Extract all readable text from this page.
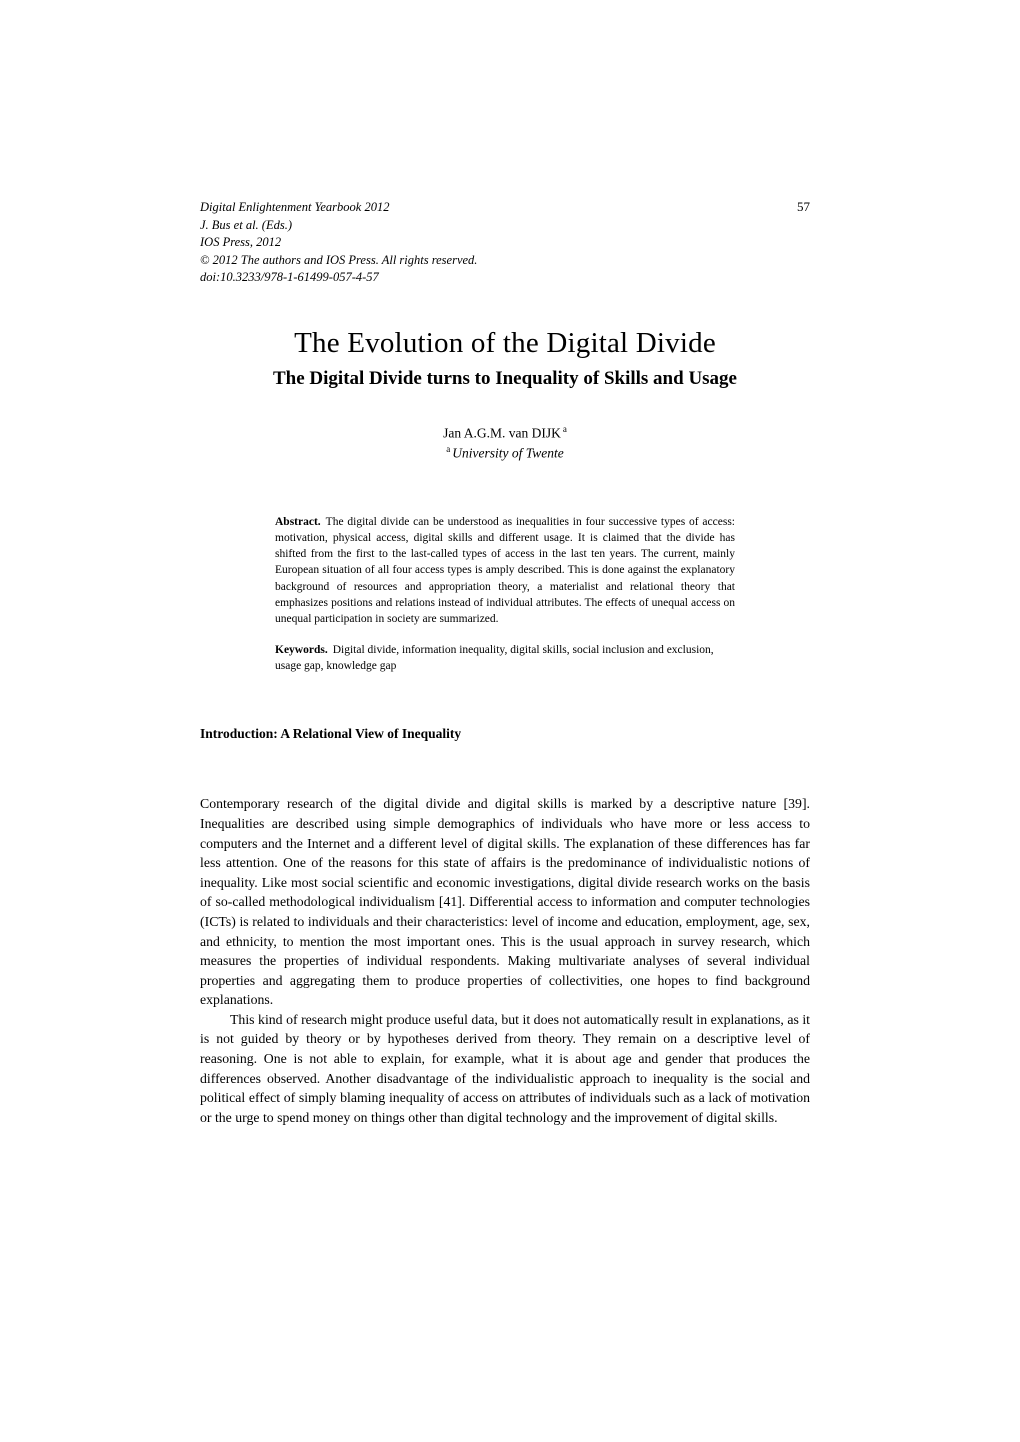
Digital Enlightenment Yearbook 2012	57
J. Bus et al. (Eds.)
IOS Press, 2012
© 2012 The authors and IOS Press. All rights reserved.
doi:10.3233/978-1-61499-057-4-57
The Evolution of the Digital Divide
The Digital Divide turns to Inequality of Skills and Usage
Jan A.G.M. van DIJK $^a$
$^a$ University of Twente
Abstract. The digital divide can be understood as inequalities in four successive types of access: motivation, physical access, digital skills and different usage. It is claimed that the divide has shifted from the first to the last-called types of access in the last ten years. The current, mainly European situation of all four access types is amply described. This is done against the explanatory background of resources and appropriation theory, a materialist and relational theory that emphasizes positions and relations instead of individual attributes. The effects of unequal access on unequal participation in society are summarized.
Keywords. Digital divide, information inequality, digital skills, social inclusion and exclusion, usage gap, knowledge gap
Introduction: A Relational View of Inequality

Contemporary research of the digital divide and digital skills is marked by a descriptive nature [39]. Inequalities are described using simple demographics of individuals who have more or less access to computers and the Internet and a different level of digital skills. The explanation of these differences has far less attention. One of the reasons for this state of affairs is the predominance of individualistic notions of inequality. Like most social scientific and economic investigations, digital divide research works on the basis of so-called methodological individualism [41]. Differential access to information and computer technologies (ICTs) is related to individuals and their characteristics: level of income and education, employment, age, sex, and ethnicity, to mention the most important ones. This is the usual approach in survey research, which measures the properties of individual respondents. Making multivariate analyses of several individual properties and aggregating them to produce properties of collectivities, one hopes to find background explanations.

This kind of research might produce useful data, but it does not automatically result in explanations, as it is not guided by theory or by hypotheses derived from theory. They remain on a descriptive level of reasoning. One is not able to explain, for example, what it is about age and gender that produces the differences observed. Another disadvantage of the individualistic approach to inequality is the social and political effect of simply blaming inequality of access on attributes of individuals such as a lack of motivation or the urge to spend money on things other than digital technology and the improvement of digital skills.
